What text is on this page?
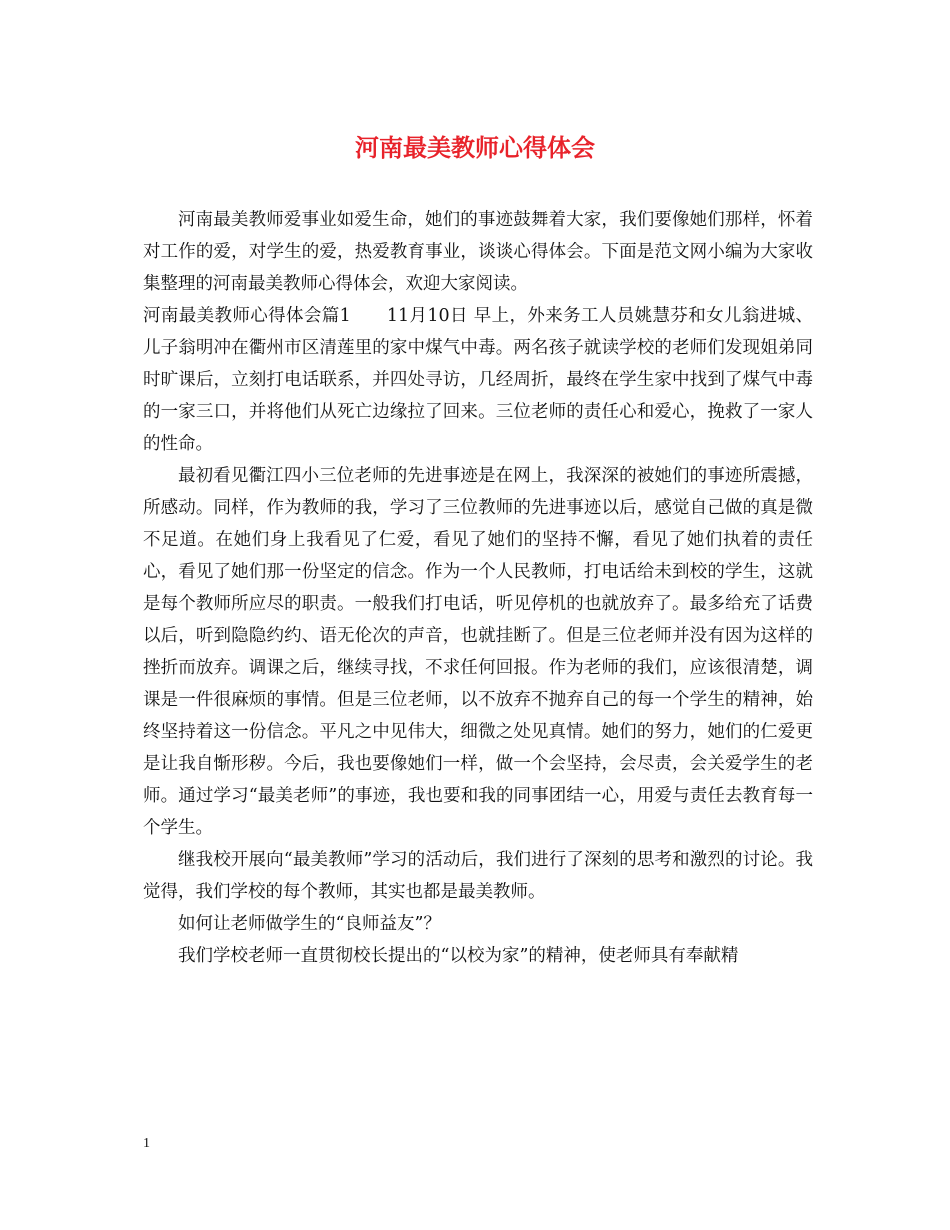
河南最美教师心得体会

河南最美教师爱事业如爱生命，她们的事迹鼓舞着大家，我们要像她们那样，怀着对工作的爱，对学生的爱，热爱教育事业，谈谈心得体会。下面是范文网小编为大家收集整理的河南最美教师心得体会，欢迎大家阅读。

河南最美教师心得体会篇1　　11月10日 早上，外来务工人员姚慧芬和女儿翁进城、儿子翁明冲在衢州市区清莲里的家中煤气中毒。两名孩子就读学校的老师们发现姐弟同时旷课后，立刻打电话联系，并四处寻访，几经周折，最终在学生家中找到了煤气中毒的一家三口，并将他们从死亡边缘拉了回来。三位老师的责任心和爱心，挽救了一家人的性命。

最初看见衢江四小三位老师的先进事迹是在网上，我深深的被她们的事迹所震撼，所感动。同样，作为教师的我，学习了三位教师的先进事迹以后，感觉自己做的真是微不足道。在她们身上我看见了仁爱，看见了她们的坚持不懈，看见了她们执着的责任心，看见了她们那一份坚定的信念。作为一个人民教师，打电话给未到校的学生，这就是每个教师所应尽的职责。一般我们打电话，听见停机的也就放弃了。最多给充了话费以后，听到隐隐约约、语无伦次的声音，也就挂断了。但是三位老师并没有因为这样的挫折而放弃。调课之后，继续寻找，不求任何回报。作为老师的我们，应该很清楚，调课是一件很麻烦的事情。但是三位老师，以不放弃不抛弃自己的每一个学生的精神，始终坚持着这一份信念。平凡之中见伟大，细微之处见真情。她们的努力，她们的仁爱更是让我自惭形秽。今后，我也要像她们一样，做一个会坚持，会尽责，会关爱学生的老师。通过学习“最美老师”的事迹，我也要和我的同事团结一心，用爱与责任去教育每一个学生。

继我校开展向“最美教师”学习的活动后，我们进行了深刻的思考和激烈的讨论。我觉得，我们学校的每个教师，其实也都是最美教师。

如何让老师做学生的“良师益友”？

我们学校老师一直贯彻校长提出的“以校为家”的精神，使老师具有奉献精

1
